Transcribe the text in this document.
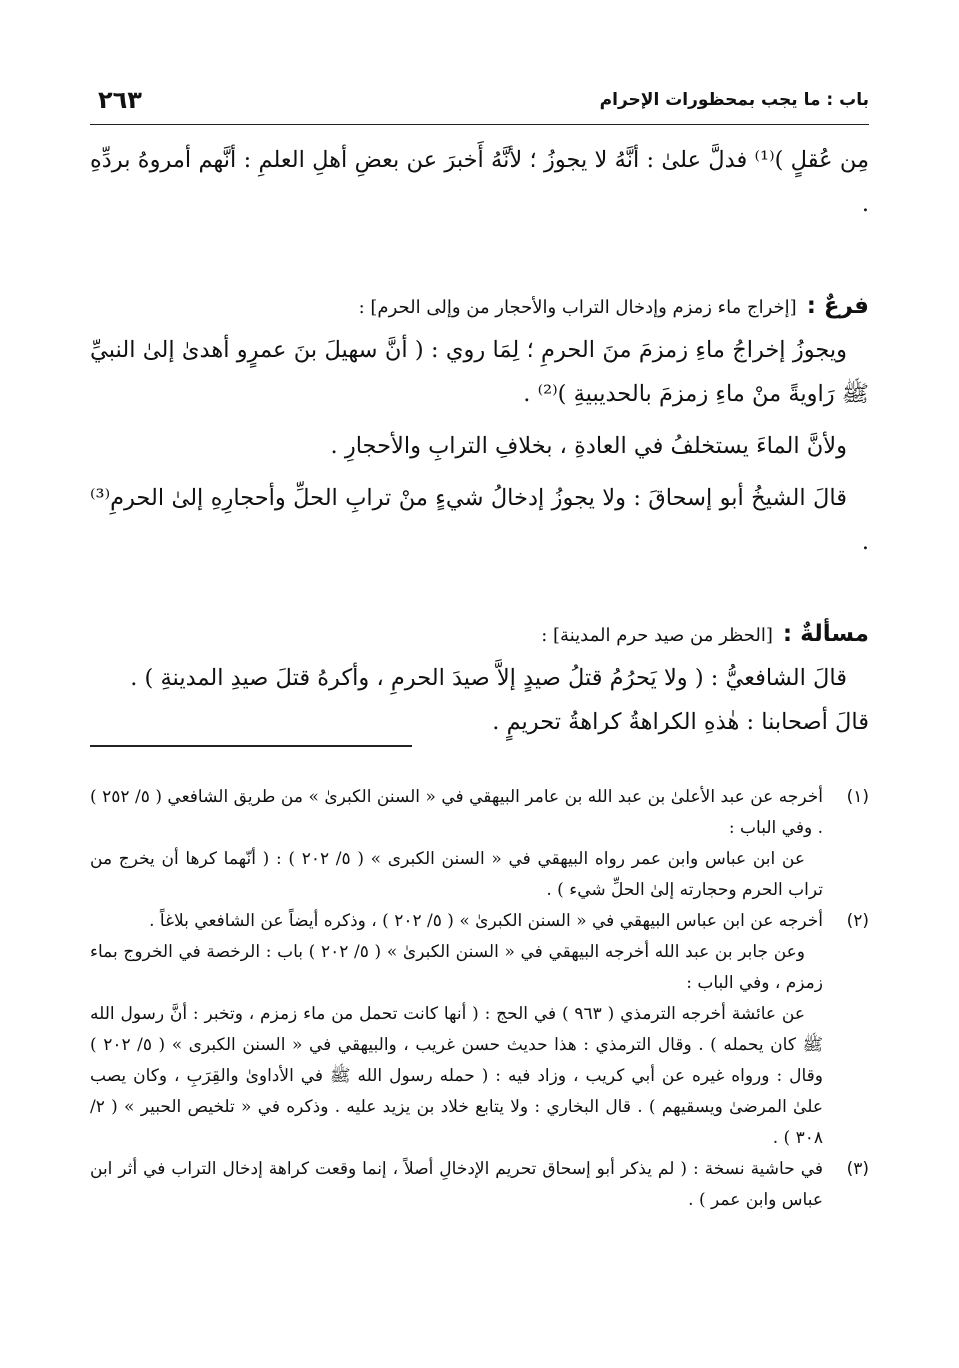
باب : ما يجب بمحظورات الإحرام
٢٦٣

مِن عُقلٍ )⁽¹⁾ فدلَّ علىٰ : أنَّهُ لا يجوزُ ؛ لأنَّهُ أَخبرَ عن بعضِ أهلِ العلمِ : أنَّهم أمروهُ بردِّهِ .

فرعٌ :[إخراج ماء زمزم وإدخال التراب والأحجار من وإلى الحرم] :

ويجوزُ إخراجُ ماءِ زمزمَ منَ الحرمِ ؛ لِمَا روي : ( أنَّ سهيلَ بنَ عمرٍو أهدىٰ إلىٰ النبيِّ ﷺ رَاويةً منْ ماءِ زمزمَ بالحديبيةِ )⁽²⁾ .

ولأنَّ الماءَ يستخلفُ في العادةِ ، بخلافِ الترابِ والأحجارِ .

قالَ الشيخُ أبو إسحاقَ : ولا يجوزُ إدخالُ شيءٍ منْ ترابِ الحلِّ وأحجارِهِ إلىٰ الحرمِ⁽³⁾ .

مسألةٌ :[الحظر من صيد حرم المدينة] :

قالَ الشافعيُّ : ( ولا يَحرُمُ قتلُ صيدٍ إلاَّ صيدَ الحرمِ ، وأكرهُ قتلَ صيدِ المدينةِ ) .

قالَ أصحابنا : هٰذهِ الكراهةُ كراهةُ تحريمٍ .

(١)
أخرجه عن عبد الأعلىٰ بن عبد الله بن عامر البيهقي في « السنن الكبرىٰ » من طريق الشافعي ( ٥/ ٢٥٢ ) . وفي الباب :

عن ابن عباس وابن عمر رواه البيهقي في « السنن الكبرى » ( ٥/ ٢٠٢ ) : ( أنّهما كرها أن يخرج من تراب الحرم وحجارته إلىٰ الحلِّ شيء ) .

(٢)
أخرجه عن ابن عباس البيهقي في « السنن الكبرىٰ » ( ٥/ ٢٠٢ ) ، وذكره أيضاً عن الشافعي بلاغاً .

وعن جابر بن عبد الله أخرجه البيهقي في « السنن الكبرىٰ » ( ٥/ ٢٠٢ ) باب : الرخصة في الخروج بماء زمزم ، وفي الباب :

عن عائشة أخرجه الترمذي ( ٩٦٣ ) في الحج : ( أنها كانت تحمل من ماء زمزم ، وتخبر : أنَّ رسول الله ﷺ كان يحمله ) . وقال الترمذي : هذا حديث حسن غريب ، والبيهقي في « السنن الكبرى » ( ٥/ ٢٠٢ ) وقال : ورواه غيره عن أبي كريب ، وزاد فيه : ( حمله رسول الله ﷺ في الأداوىٰ والقِرَبِ ، وكان يصب علىٰ المرضىٰ ويسقيهم ) . قال البخاري : ولا يتابع خلاد بن يزيد عليه . وذكره في « تلخيص الحبير » ( ٢/ ٣٠٨ ) .

(٣)
في حاشية نسخة : ( لم يذكر أبو إسحاق تحريم الإدخالِ أصلاً ، إنما وقعت كراهة إدخال التراب في أثر ابن عباس وابن عمر ) .
